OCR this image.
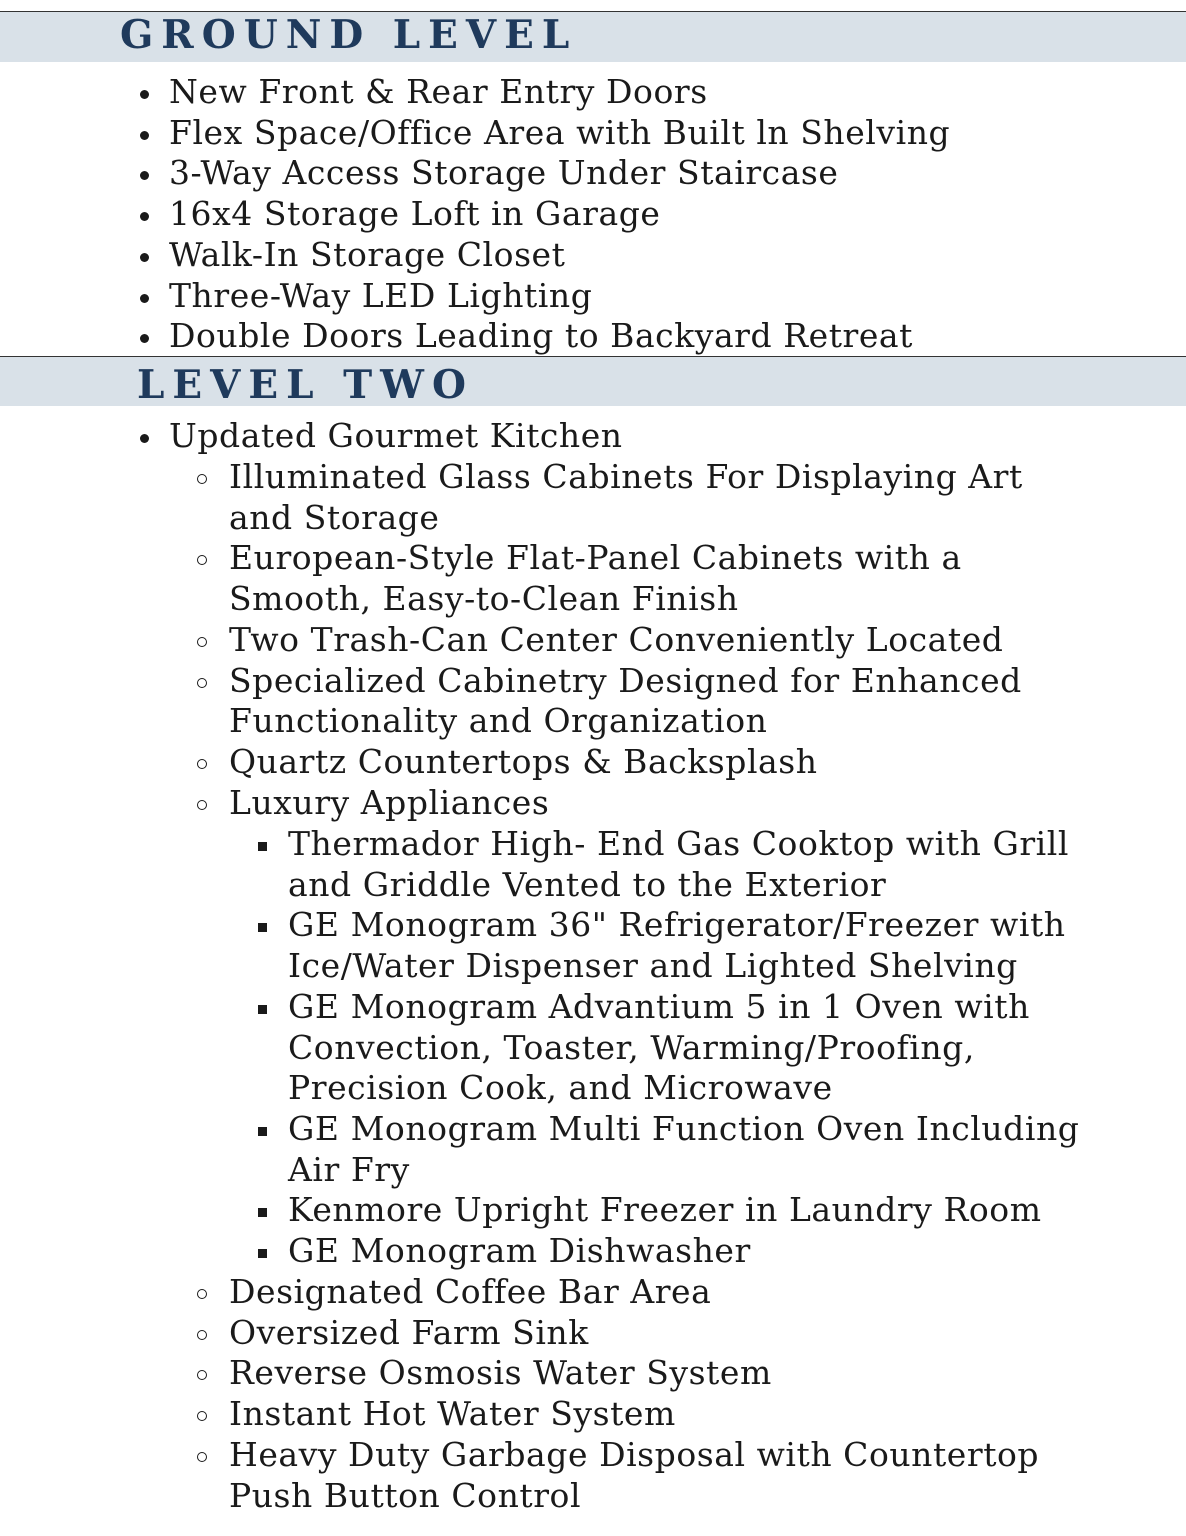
GROUND LEVEL
New Front & Rear Entry Doors
Flex Space/Office Area with Built ln Shelving
3-Way Access Storage Under Staircase
16x4 Storage Loft in Garage
Walk-In Storage Closet
Three-Way LED Lighting
Double Doors Leading to Backyard Retreat
LEVEL TWO
Updated Gourmet Kitchen
Illuminated Glass Cabinets For Displaying Art
and Storage
European-Style Flat-Panel Cabinets with a
Smooth, Easy-to-Clean Finish
Two Trash-Can Center Conveniently Located
Specialized Cabinetry Designed for Enhanced
Functionality and Organization
Quartz Countertops & Backsplash
Luxury Appliances
Thermador High- End Gas Cooktop with Grill
and Griddle Vented to the Exterior
GE Monogram 36" Refrigerator/Freezer with
Ice/Water Dispenser and Lighted Shelving
GE Monogram Advantium 5 in 1 Oven with
Convection, Toaster, Warming/Proofing,
Precision Cook, and Microwave
GE Monogram Multi Function Oven Including
Air Fry
Kenmore Upright Freezer in Laundry Room
GE Monogram Dishwasher
Designated Coffee Bar Area
Oversized Farm Sink
Reverse Osmosis Water System
Instant Hot Water System
Heavy Duty Garbage Disposal with Countertop
Push Button Control
